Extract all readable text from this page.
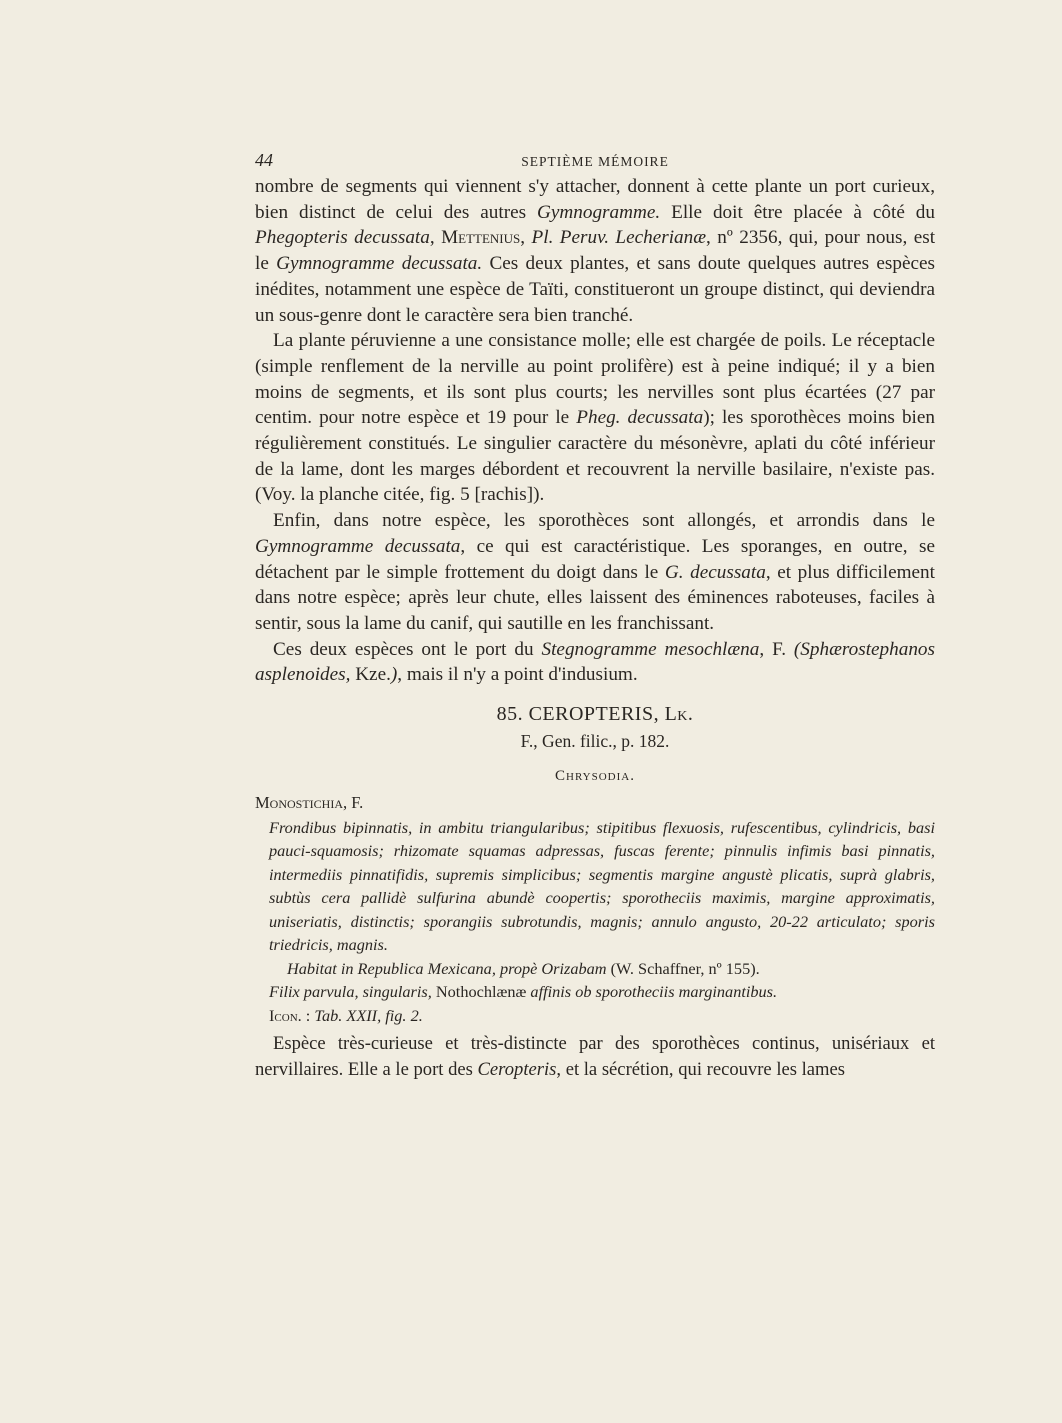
44	SEPTIÈME MÉMOIRE

nombre de segments qui viennent s'y attacher, donnent à cette plante un port curieux, bien distinct de celui des autres Gymnogramme. Elle doit être placée à côté du Phegopteris decussata, Mettenius, Pl. Peruv. Lecherianæ, nº 2356, qui, pour nous, est le Gymnogramme decussata. Ces deux plantes, et sans doute quelques autres espèces inédites, notamment une espèce de Taïti, constitueront un groupe distinct, qui deviendra un sous-genre dont le caractère sera bien tranché.

La plante péruvienne a une consistance molle; elle est chargée de poils. Le réceptacle (simple renflement de la nerville au point prolifère) est à peine indiqué; il y a bien moins de segments, et ils sont plus courts; les nervilles sont plus écartées (27 par centim. pour notre espèce et 19 pour le Pheg. decussata); les sporothèces moins bien régulièrement constitués. Le singulier caractère du mésonèvre, aplati du côté inférieur de la lame, dont les marges débordent et recouvrent la nerville basilaire, n'existe pas. (Voy. la planche citée, fig. 5 [rachis]).

Enfin, dans notre espèce, les sporothèces sont allongés, et arrondis dans le Gymnogramme decussata, ce qui est caractéristique. Les sporanges, en outre, se détachent par le simple frottement du doigt dans le G. decussata, et plus difficilement dans notre espèce; après leur chute, elles laissent des éminences raboteuses, faciles à sentir, sous la lame du canif, qui sautille en les franchissant.

Ces deux espèces ont le port du Stegnogramme mesochlæna, F. (Sphærostephanos asplenoides, Kze.), mais il n'y a point d'indusium.

85. CEROPTERIS, Lk.
F., Gen. filic., p. 182.
Chrysodia.
Monostichia, F.

Frondibus bipinnatis, in ambitu triangularibus; stipitibus flexuosis, rufescentibus, cylindricis, basi pauci-squamosis; rhizomate squamas adpressas, fuscas ferente; pinnulis infimis basi pinnatis, intermediis pinnatifidis, supremis simplicibus; segmentis margine angustè plicatis, suprà glabris, subtùs cera pallidè sulfurina abundè coopertis; sporotheciis maximis, margine approximatis, uniseriatis, distinctis; sporangiis subrotundis, magnis; annulo angusto, 20-22 articulato; sporis triedricis, magnis.

Habitat in Republica Mexicana, propè Orizabam (W. Schaffner, nº 155).

Filix parvula, singularis, Nothochlænæ affinis ob sporotheciis marginantibus.

Icon. : Tab. XXII, fig. 2.

Espèce très-curieuse et très-distincte par des sporothèces continus, unisériaux et nervillaires. Elle a le port des Ceropteris, et la sécrétion, qui recouvre les lames
